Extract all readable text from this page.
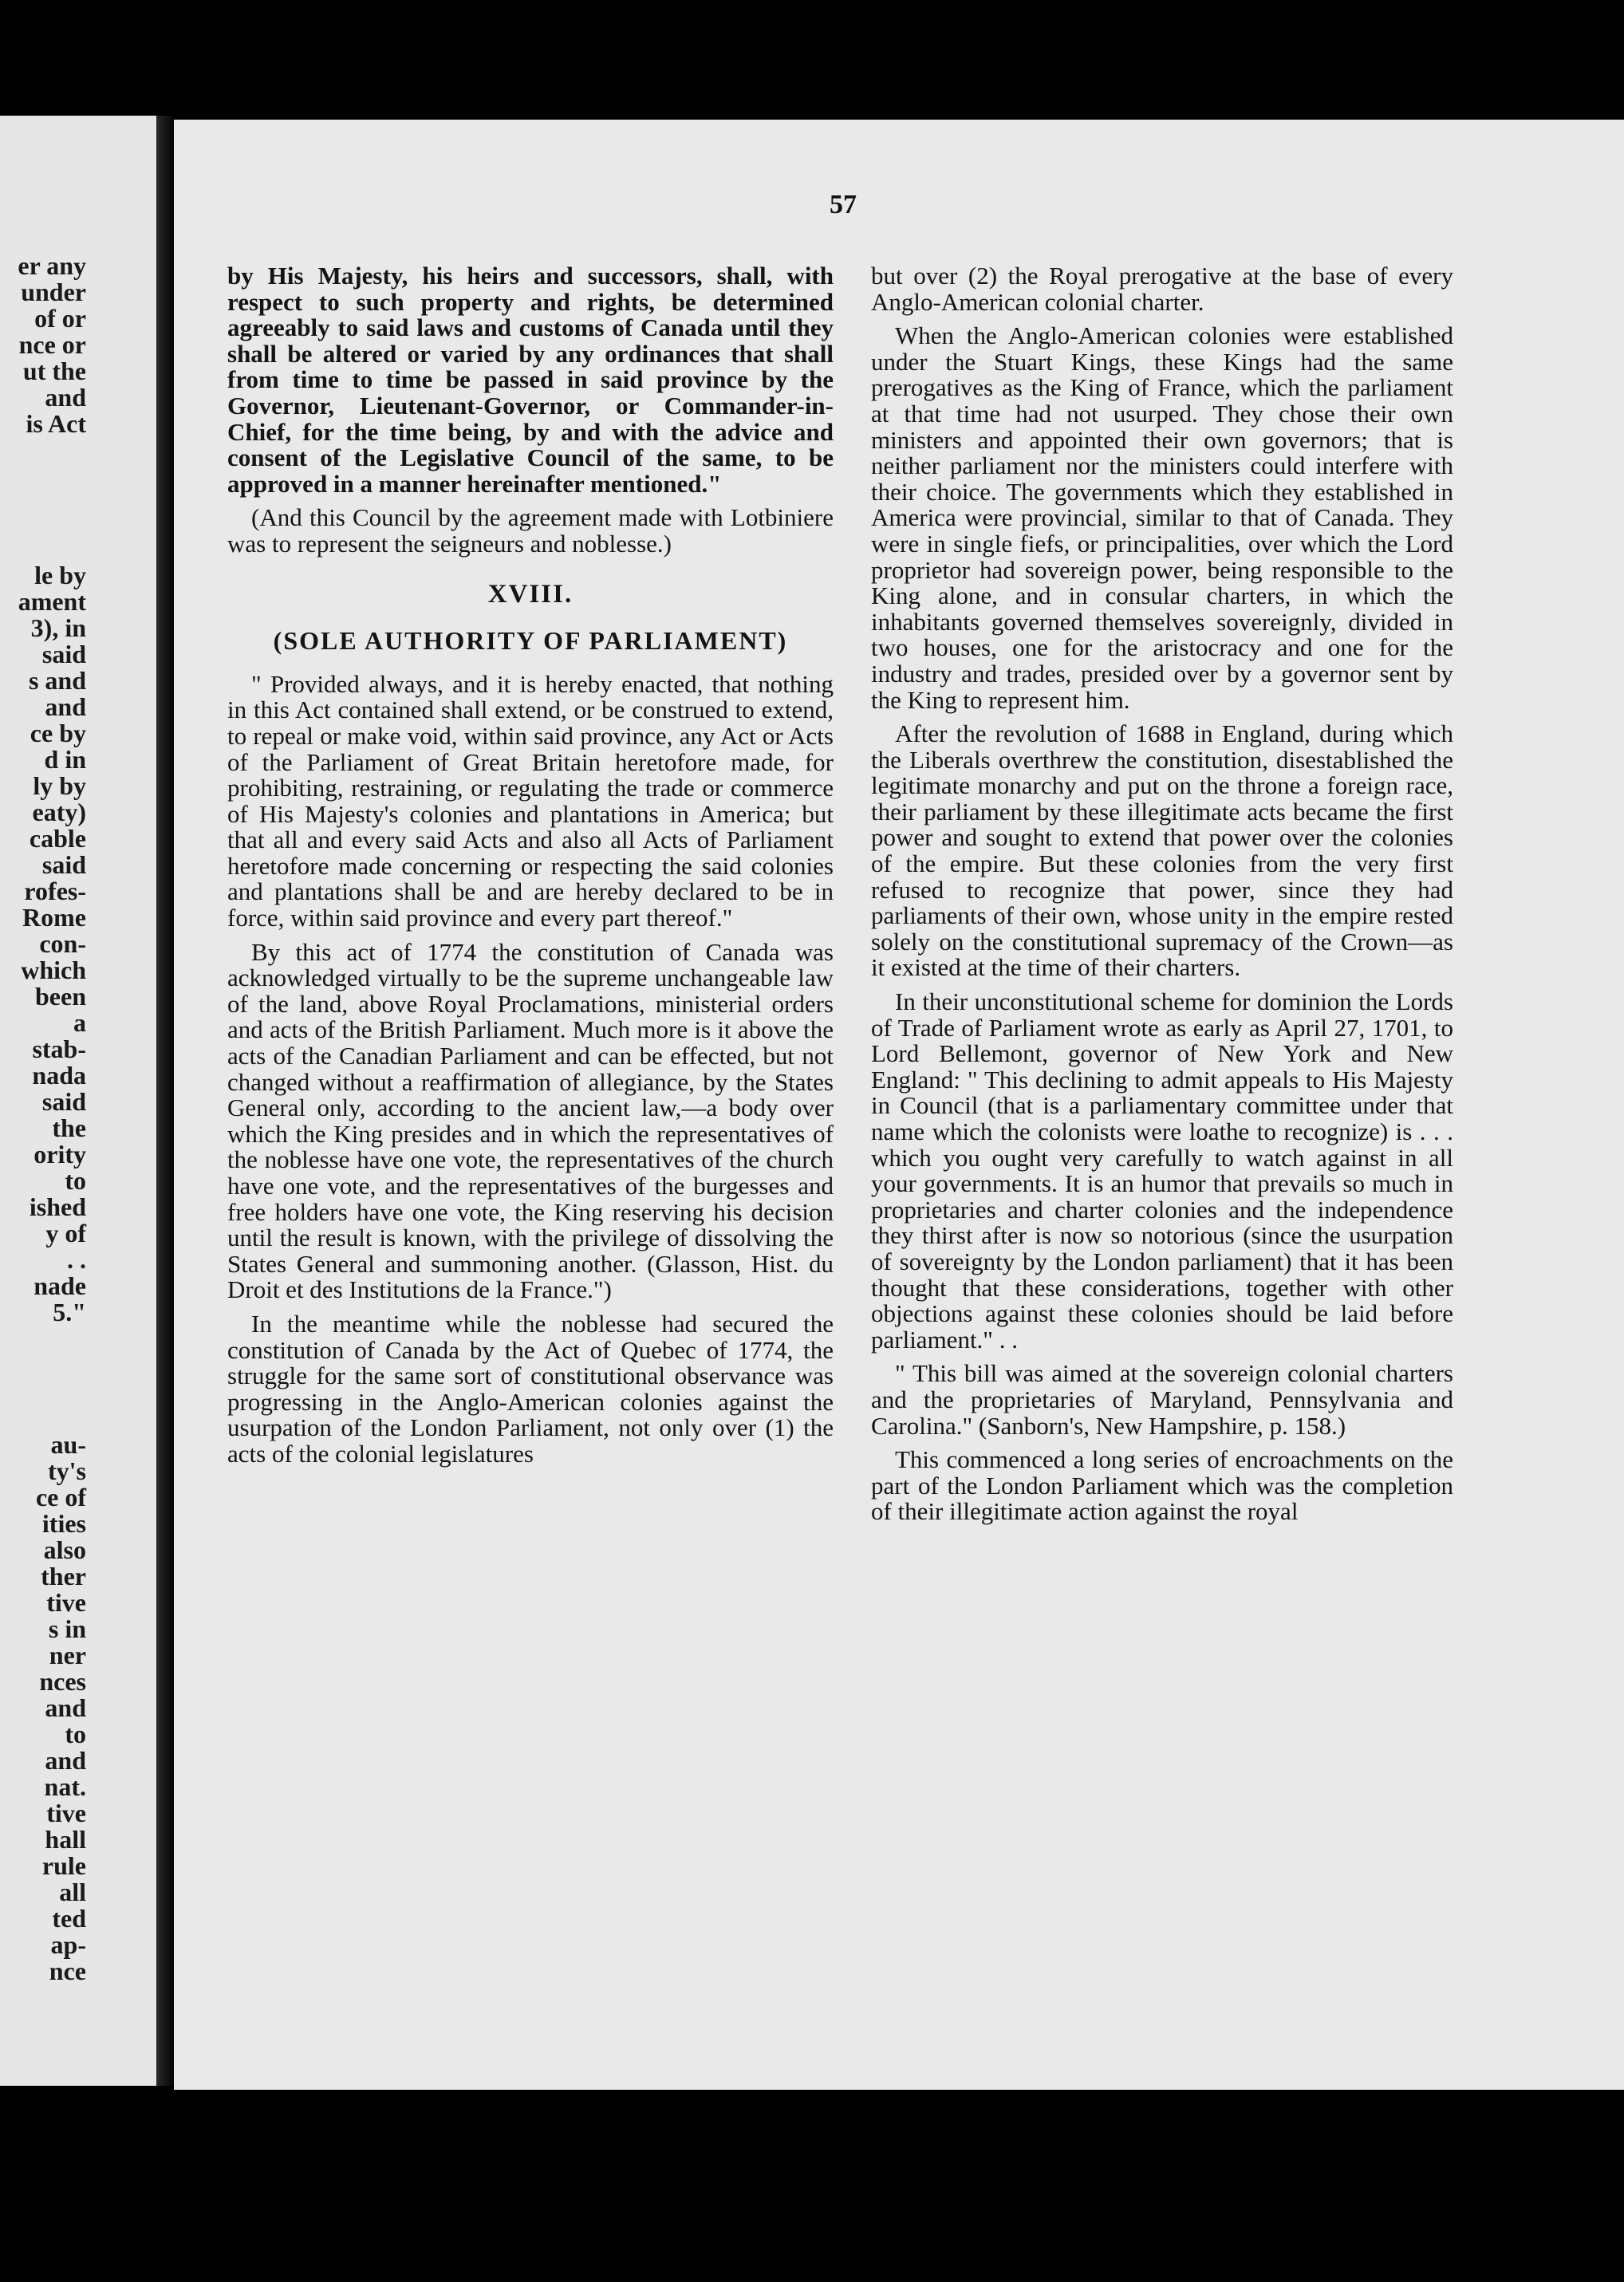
er any
under
of or
nce or
ut the
and
is Act
le by
ament
3), in
said
s and
and
ce by
d in
ly by
eaty)
cable
said
rofes-
Rome
con-
which
been
a
stab-
nada
said
the
ority
to
ished
y of
. .
nade
5."
au-
ty's
ce of
ities
also
ther
tive
s in
ner
nces
and
to
and
nat.
tive
hall
rule
all
ted
ap-
nce
57

by His Majesty, his heirs and successors, shall, with respect to such property and rights, be determined agreeably to said laws and customs of Canada until they shall be altered or varied by any ordinances that shall from time to time be passed in said province by the Governor, Lieutenant-Governor, or Commander-in-Chief, for the time being, by and with the advice and consent of the Legislative Council of the same, to be approved in a manner hereinafter mentioned."

(And this Council by the agreement made with Lotbiniere was to represent the seigneurs and noblesse.)

XVIII.
(SOLE AUTHORITY OF PARLIAMENT)

" Provided always, and it is hereby enacted, that nothing in this Act contained shall extend, or be construed to extend, to repeal or make void, within said province, any Act or Acts of the Parliament of Great Britain heretofore made, for prohibiting, restraining, or regulating the trade or commerce of His Majesty's colonies and plantations in America; but that all and every said Acts and also all Acts of Parliament heretofore made concerning or respecting the said colonies and plantations shall be and are hereby declared to be in force, within said province and every part thereof."

By this act of 1774 the constitution of Canada was acknowledged virtually to be the supreme unchangeable law of the land, above Royal Proclamations, ministerial orders and acts of the British Parliament. Much more is it above the acts of the Canadian Parliament and can be effected, but not changed without a reaffirmation of allegiance, by the States General only, according to the ancient law,—a body over which the King presides and in which the representatives of the noblesse have one vote, the representatives of the church have one vote, and the representatives of the burgesses and free holders have one vote, the King reserving his decision until the result is known, with the privilege of dissolving the States General and summoning another. (Glasson, Hist. du Droit et des Institutions de la France.")

In the meantime while the noblesse had secured the constitution of Canada by the Act of Quebec of 1774, the struggle for the same sort of constitutional observance was progressing in the Anglo-American colonies against the usurpation of the London Parliament, not only over (1) the acts of the colonial legislatures

but over (2) the Royal prerogative at the base of every Anglo-American colonial charter.

When the Anglo-American colonies were established under the Stuart Kings, these Kings had the same prerogatives as the King of France, which the parliament at that time had not usurped. They chose their own ministers and appointed their own governors; that is neither parliament nor the ministers could interfere with their choice. The governments which they established in America were provincial, similar to that of Canada. They were in single fiefs, or principalities, over which the Lord proprietor had sovereign power, being responsible to the King alone, and in consular charters, in which the inhabitants governed themselves sovereignly, divided in two houses, one for the aristocracy and one for the industry and trades, presided over by a governor sent by the King to represent him.

After the revolution of 1688 in England, during which the Liberals overthrew the constitution, disestablished the legitimate monarchy and put on the throne a foreign race, their parliament by these illegitimate acts became the first power and sought to extend that power over the colonies of the empire. But these colonies from the very first refused to recognize that power, since they had parliaments of their own, whose unity in the empire rested solely on the constitutional supremacy of the Crown—as it existed at the time of their charters.

In their unconstitutional scheme for dominion the Lords of Trade of Parliament wrote as early as April 27, 1701, to Lord Bellemont, governor of New York and New England: " This declining to admit appeals to His Majesty in Council (that is a parliamentary committee under that name which the colonists were loathe to recognize) is . . . which you ought very carefully to watch against in all your governments. It is an humor that prevails so much in proprietaries and charter colonies and the independence they thirst after is now so notorious (since the usurpation of sovereignty by the London parliament) that it has been thought that these considerations, together with other objections against these colonies should be laid before parliament." . .

" This bill was aimed at the sovereign colonial charters and the proprietaries of Maryland, Pennsylvania and Carolina." (Sanborn's, New Hampshire, p. 158.)

This commenced a long series of encroachments on the part of the London Parliament which was the completion of their illegitimate action against the royal
